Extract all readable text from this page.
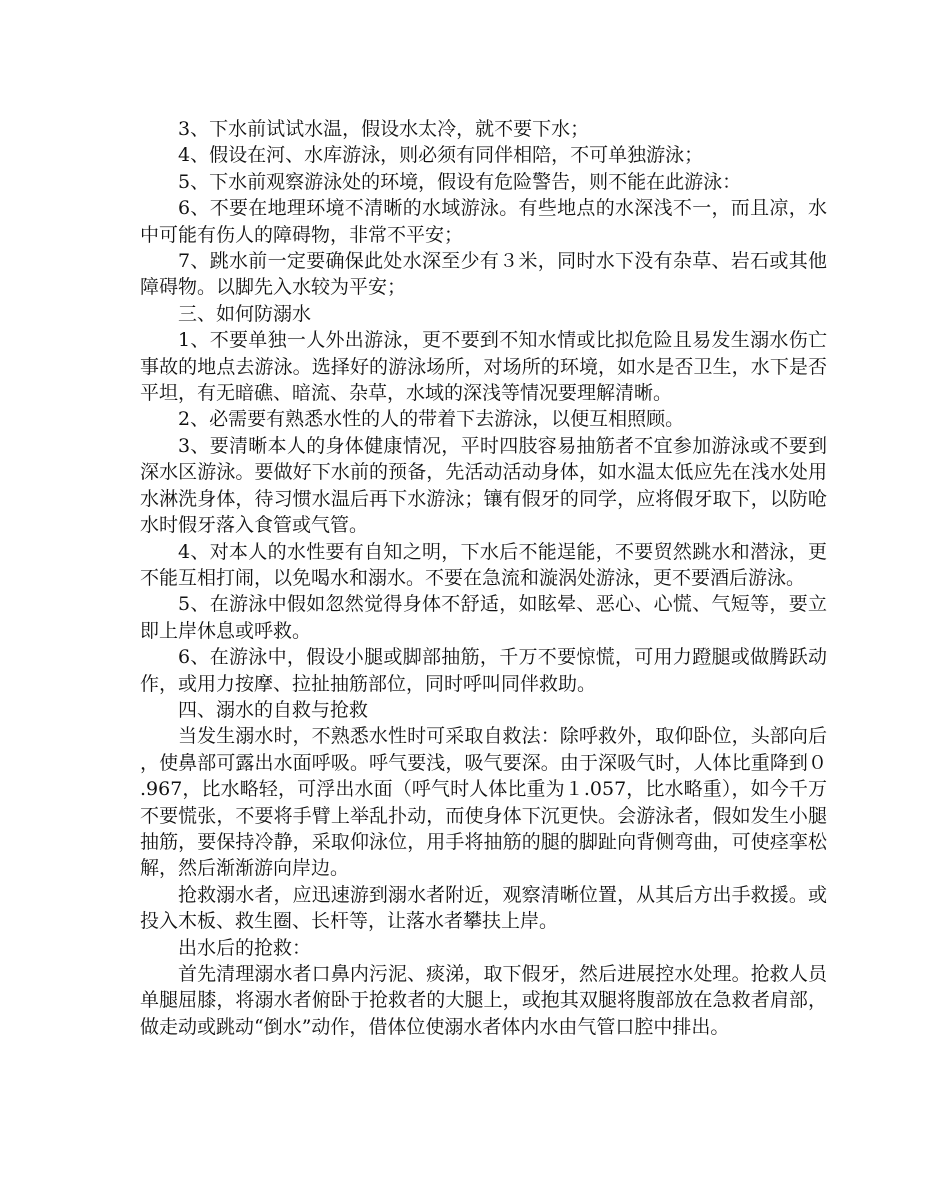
3、下水前试试水温，假设水太冷，就不要下水；

4、假设在河、水库游泳，则必须有同伴相陪，不可单独游泳；

5、下水前观察游泳处的环境，假设有危险警告，则不能在此游泳：

6、不要在地理环境不清晰的水域游泳。有些地点的水深浅不一，而且凉，水中可能有伤人的障碍物，非常不平安；

7、跳水前一定要确保此处水深至少有３米，同时水下没有杂草、岩石或其他障碍物。以脚先入水较为平安；

三、如何防溺水

1、不要单独一人外出游泳，更不要到不知水情或比拟危险且易发生溺水伤亡事故的地点去游泳。选择好的游泳场所，对场所的环境，如水是否卫生，水下是否平坦，有无暗礁、暗流、杂草，水域的深浅等情况要理解清晰。

2、必需要有熟悉水性的人的带着下去游泳，以便互相照顾。

3、要清晰本人的身体健康情况，平时四肢容易抽筋者不宜参加游泳或不要到深水区游泳。要做好下水前的预备，先活动活动身体，如水温太低应先在浅水处用水淋洗身体，待习惯水温后再下水游泳；镶有假牙的同学，应将假牙取下，以防呛水时假牙落入食管或气管。

4、对本人的水性要有自知之明，下水后不能逞能，不要贸然跳水和潜泳，更不能互相打闹，以免喝水和溺水。不要在急流和漩涡处游泳，更不要酒后游泳。

5、在游泳中假如忽然觉得身体不舒适，如眩晕、恶心、心慌、气短等，要立即上岸休息或呼救。

6、在游泳中，假设小腿或脚部抽筋，千万不要惊慌，可用力蹬腿或做腾跃动作，或用力按摩、拉扯抽筋部位，同时呼叫同伴救助。

四、溺水的自救与抢救

当发生溺水时，不熟悉水性时可采取自救法：除呼救外，取仰卧位，头部向后，使鼻部可露出水面呼吸。呼气要浅，吸气要深。由于深吸气时，人体比重降到０.967，比水略轻，可浮出水面（呼气时人体比重为１.057，比水略重），如今千万不要慌张，不要将手臂上举乱扑动，而使身体下沉更快。会游泳者，假如发生小腿抽筋，要保持冷静，采取仰泳位，用手将抽筋的腿的脚趾向背侧弯曲，可使痉挛松解，然后渐渐游向岸边。

抢救溺水者，应迅速游到溺水者附近，观察清晰位置，从其后方出手救援。或投入木板、救生圈、长杆等，让落水者攀扶上岸。

出水后的抢救：

首先清理溺水者口鼻内污泥、痰涕，取下假牙，然后进展控水处理。抢救人员单腿屈膝，将溺水者俯卧于抢救者的大腿上，或抱其双腿将腹部放在急救者肩部，做走动或跳动“倒水”动作，借体位使溺水者体内水由气管口腔中排出。
